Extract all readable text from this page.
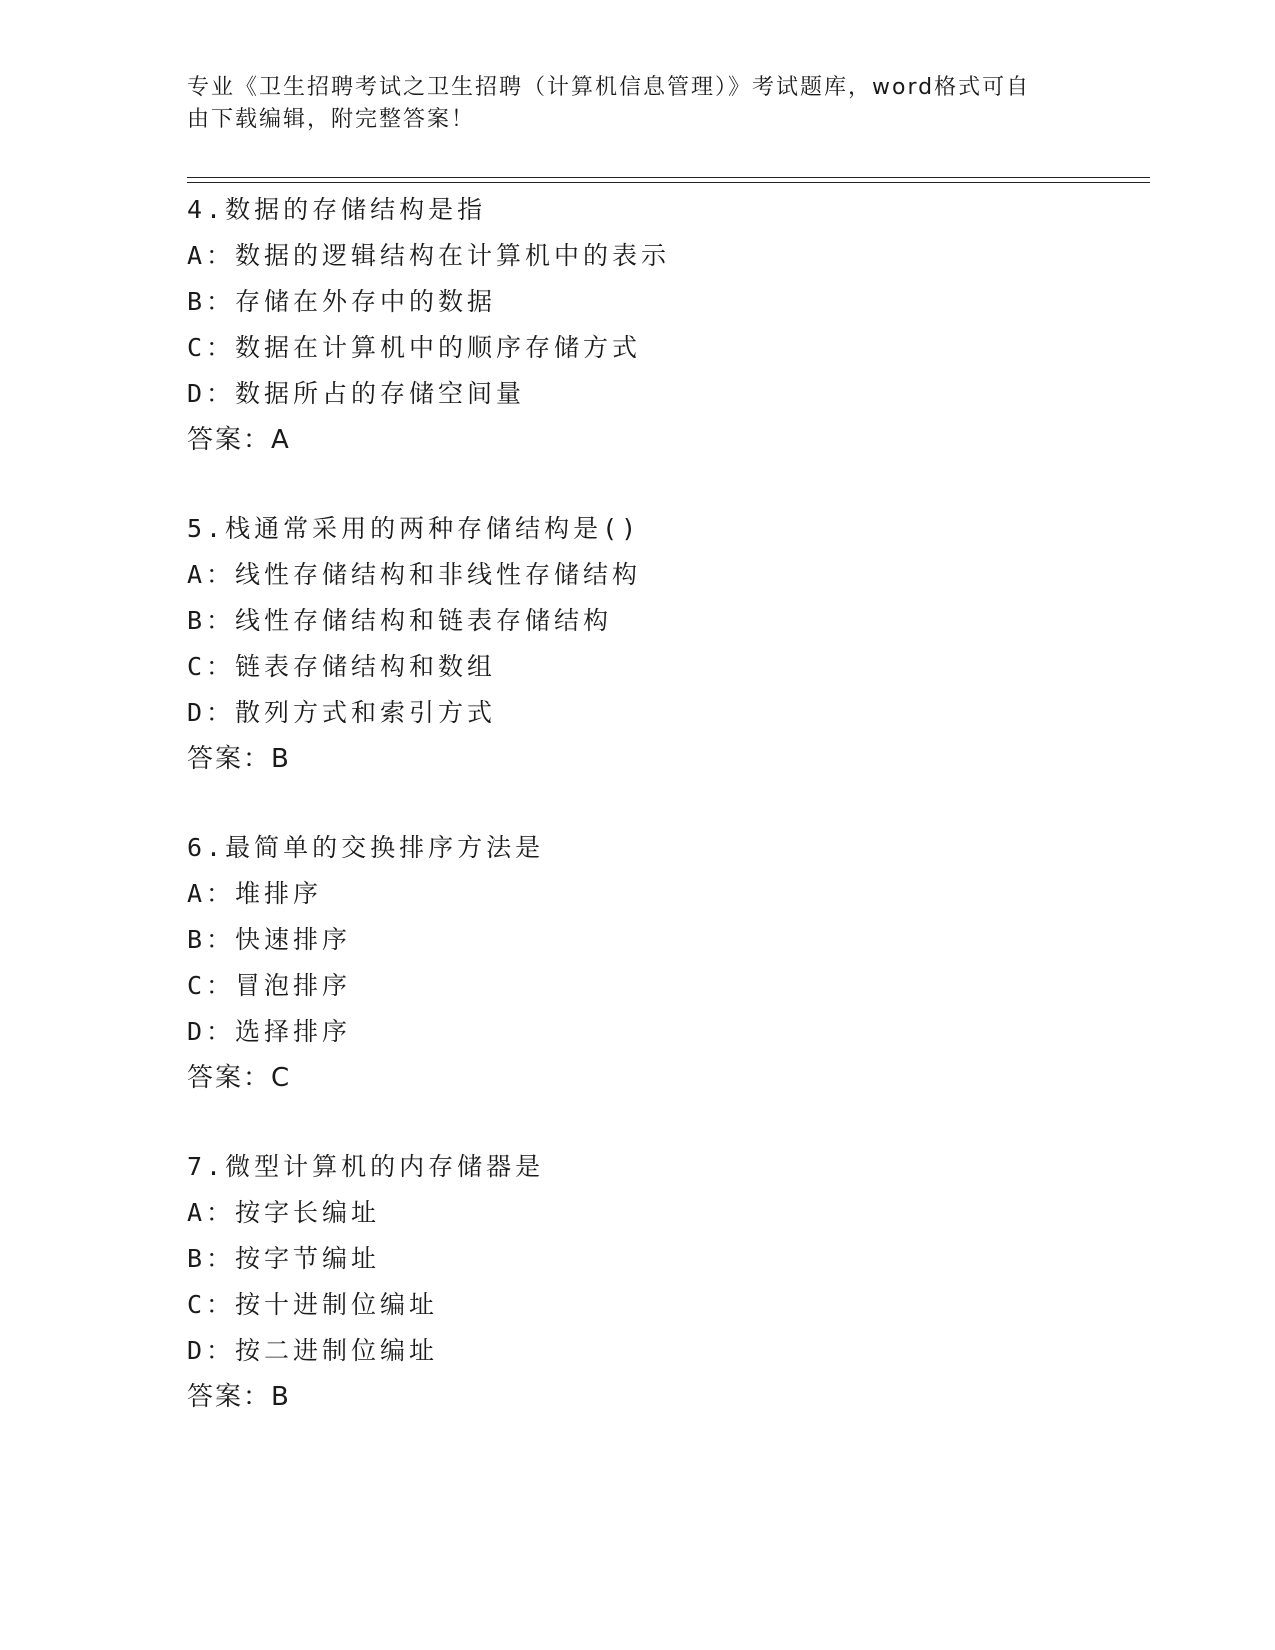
专业《卫生招聘考试之卫生招聘（计算机信息管理）》考试题库，word格式可自
由下载编辑，附完整答案！
4.数据的存储结构是指
A：数据的逻辑结构在计算机中的表示
B：存储在外存中的数据
C：数据在计算机中的顺序存储方式
D：数据所占的存储空间量
答案：A
5.栈通常采用的两种存储结构是()
A：线性存储结构和非线性存储结构
B：线性存储结构和链表存储结构
C：链表存储结构和数组
D：散列方式和索引方式
答案：B
6.最简单的交换排序方法是
A：堆排序
B：快速排序
C：冒泡排序
D：选择排序
答案：C
7.微型计算机的内存储器是
A：按字长编址
B：按字节编址
C：按十进制位编址
D：按二进制位编址
答案：B
